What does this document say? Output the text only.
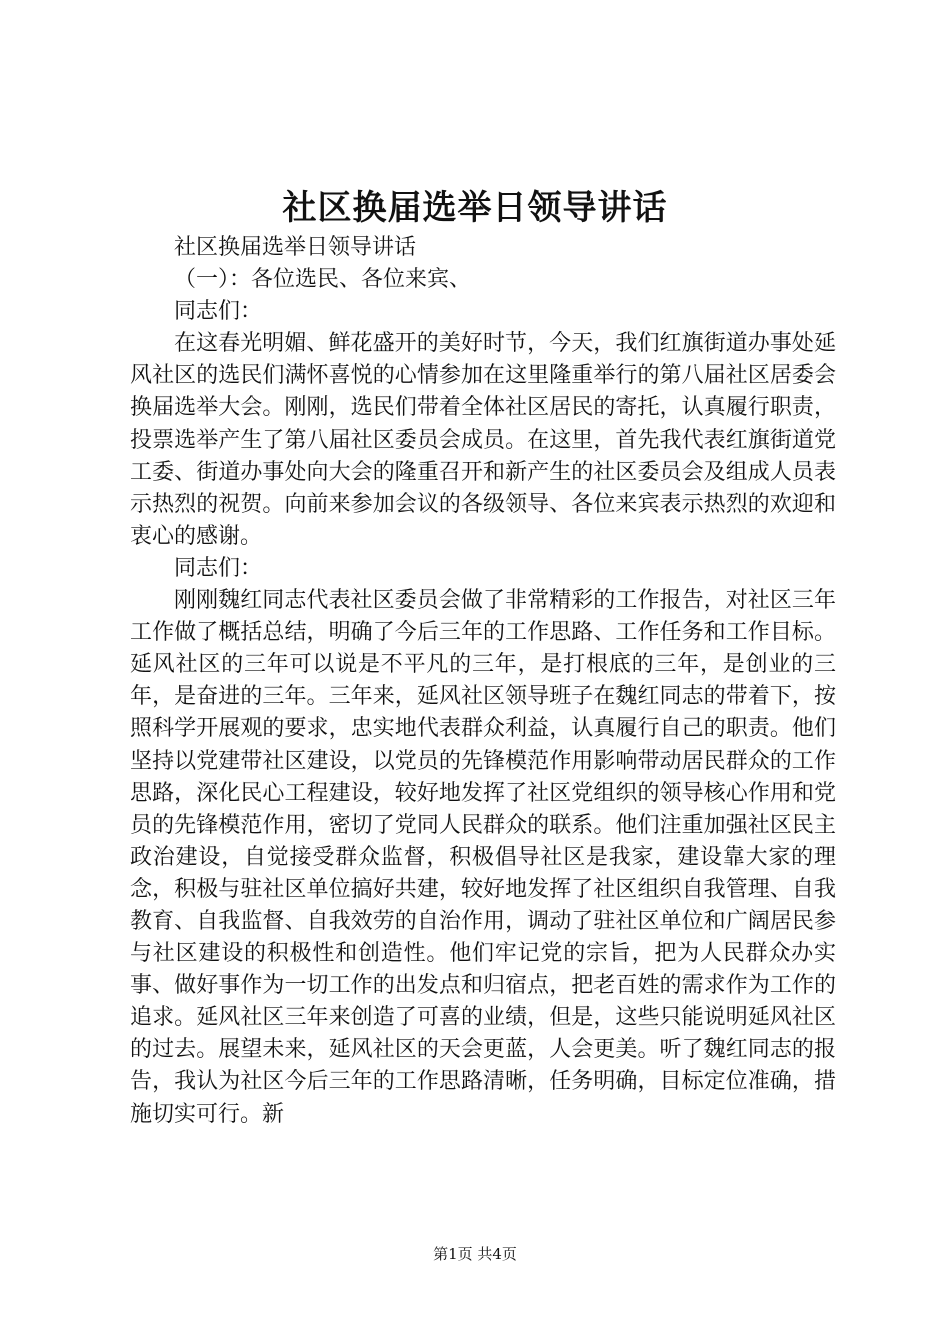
社区换届选举日领导讲话

社区换届选举日领导讲话

（一）：各位选民、各位来宾、

同志们：

在这春光明媚、鲜花盛开的美好时节，今天，我们红旗街道办事处延风社区的选民们满怀喜悦的心情参加在这里隆重举行的第八届社区居委会换届选举大会。刚刚，选民们带着全体社区居民的寄托，认真履行职责，投票选举产生了第八届社区委员会成员。在这里，首先我代表红旗街道党工委、街道办事处向大会的隆重召开和新产生的社区委员会及组成人员表示热烈的祝贺。向前来参加会议的各级领导、各位来宾表示热烈的欢迎和衷心的感谢。

同志们：

刚刚魏红同志代表社区委员会做了非常精彩的工作报告，对社区三年工作做了概括总结，明确了今后三年的工作思路、工作任务和工作目标。延风社区的三年可以说是不平凡的三年，是打根底的三年，是创业的三年，是奋进的三年。三年来，延风社区领导班子在魏红同志的带着下，按照科学开展观的要求，忠实地代表群众利益，认真履行自己的职责。他们坚持以党建带社区建设，以党员的先锋模范作用影响带动居民群众的工作思路，深化民心工程建设，较好地发挥了社区党组织的领导核心作用和党员的先锋模范作用，密切了党同人民群众的联系。他们注重加强社区民主政治建设，自觉接受群众监督，积极倡导社区是我家，建设靠大家的理念，积极与驻社区单位搞好共建，较好地发挥了社区组织自我管理、自我教育、自我监督、自我效劳的自治作用，调动了驻社区单位和广阔居民参与社区建设的积极性和创造性。他们牢记党的宗旨，把为人民群众办实事、做好事作为一切工作的出发点和归宿点，把老百姓的需求作为工作的追求。延风社区三年来创造了可喜的业绩，但是，这些只能说明延风社区的过去。展望未来，延风社区的天会更蓝，人会更美。听了魏红同志的报告，我认为社区今后三年的工作思路清晰，任务明确，目标定位准确，措施切实可行。新

第1页 共4页
